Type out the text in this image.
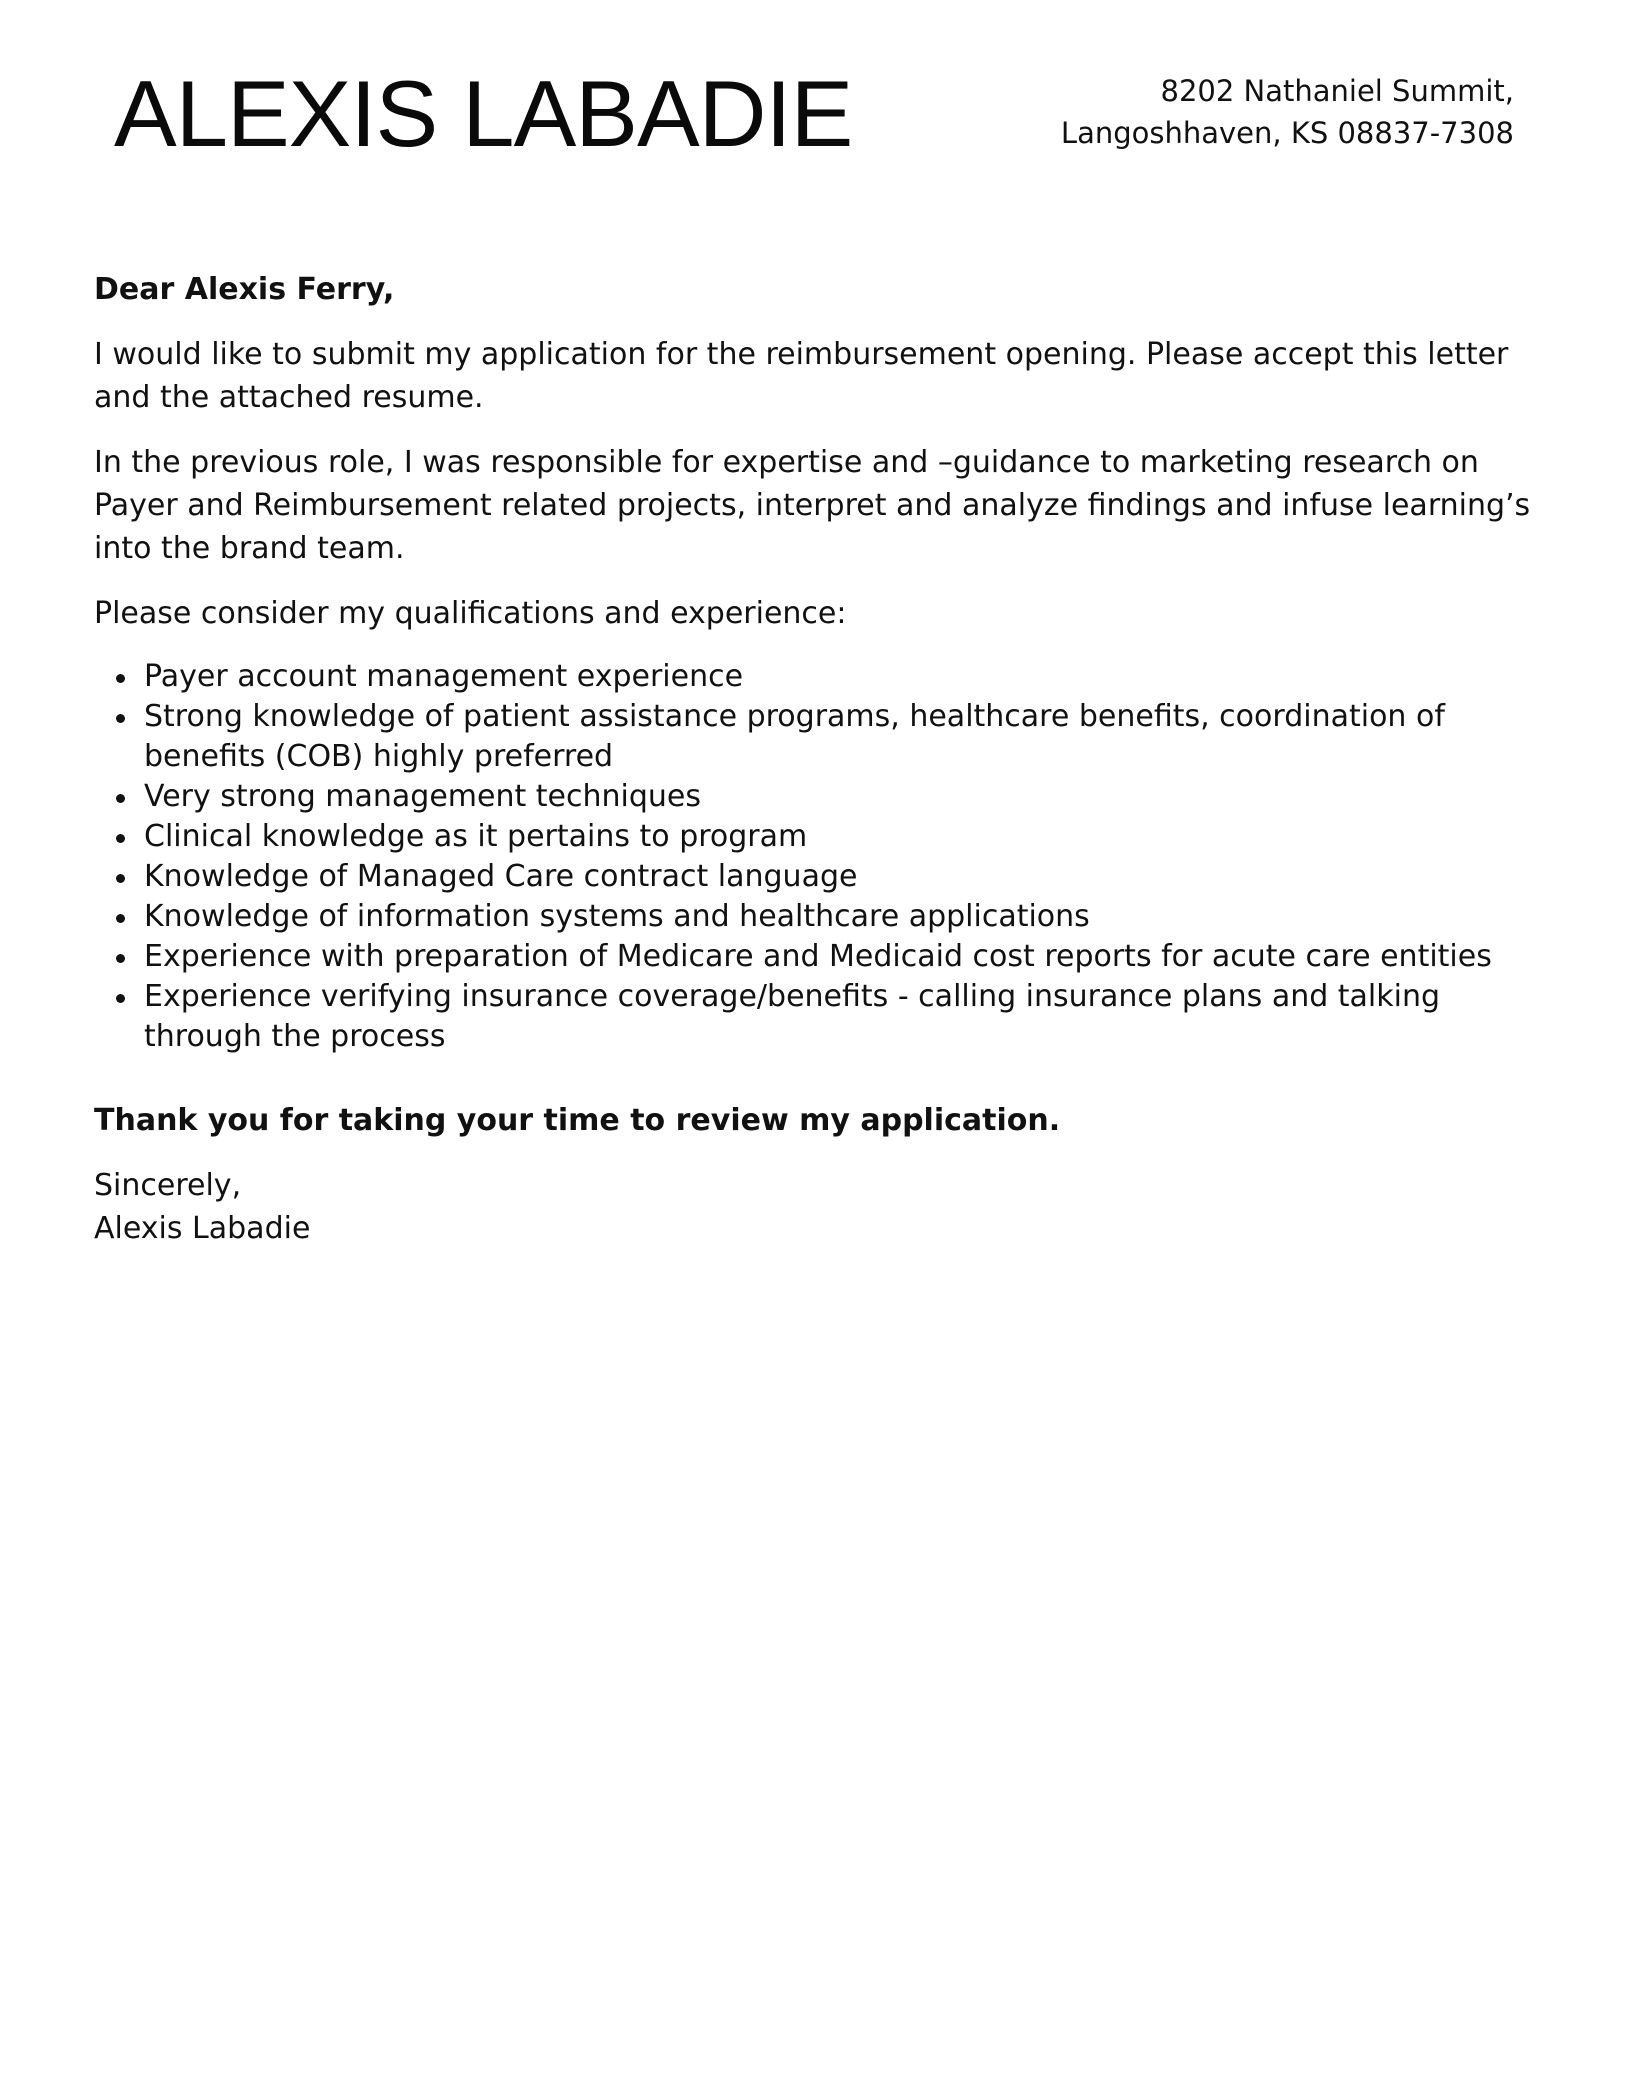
ALEXIS LABADIE	8202 Nathaniel Summit,
Langoshhaven, KS 08837-7308

Dear Alexis Ferry,

I would like to submit my application for the reimbursement opening. Please accept this letter and the attached resume.

In the previous role, I was responsible for expertise and –guidance to marketing research on Payer and Reimbursement related projects, interpret and analyze findings and infuse learning’s into the brand team.

Please consider my qualifications and experience:

Payer account management experience
Strong knowledge of patient assistance programs, healthcare benefits, coordination of benefits (COB) highly preferred
Very strong management techniques
Clinical knowledge as it pertains to program
Knowledge of Managed Care contract language
Knowledge of information systems and healthcare applications
Experience with preparation of Medicare and Medicaid cost reports for acute care entities
Experience verifying insurance coverage/benefits - calling insurance plans and talking through the process

Thank you for taking your time to review my application.

Sincerely,

Alexis Labadie
